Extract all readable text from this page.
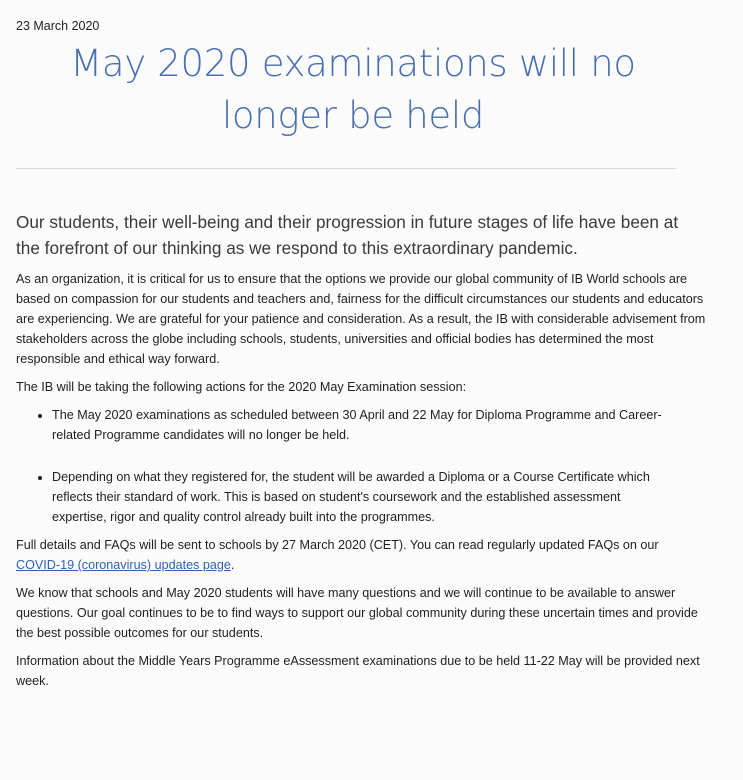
23 March 2020
May 2020 examinations will no longer be held

Our students, their well-being and their progression in future stages of life have been at the forefront of our thinking as we respond to this extraordinary pandemic.

As an organization, it is critical for us to ensure that the options we provide our global community of IB World schools are based on compassion for our students and teachers and, fairness for the difficult circumstances our students and educators are experiencing. We are grateful for your patience and consideration. As a result, the IB with considerable advisement from stakeholders across the globe including schools, students, universities and official bodies has determined the most responsible and ethical way forward.

The IB will be taking the following actions for the 2020 May Examination session:

• The May 2020 examinations as scheduled between 30 April and 22 May for Diploma Programme and Career-related Programme candidates will no longer be held.
• Depending on what they registered for, the student will be awarded a Diploma or a Course Certificate which reflects their standard of work. This is based on student's coursework and the established assessment expertise, rigor and quality control already built into the programmes.

Full details and FAQs will be sent to schools by 27 March 2020 (CET). You can read regularly updated FAQs on our COVID-19 (coronavirus) updates page.

We know that schools and May 2020 students will have many questions and we will continue to be available to answer questions. Our goal continues to be to find ways to support our global community during these uncertain times and provide the best possible outcomes for our students.

Information about the Middle Years Programme eAssessment examinations due to be held 11-22 May will be provided next week.
